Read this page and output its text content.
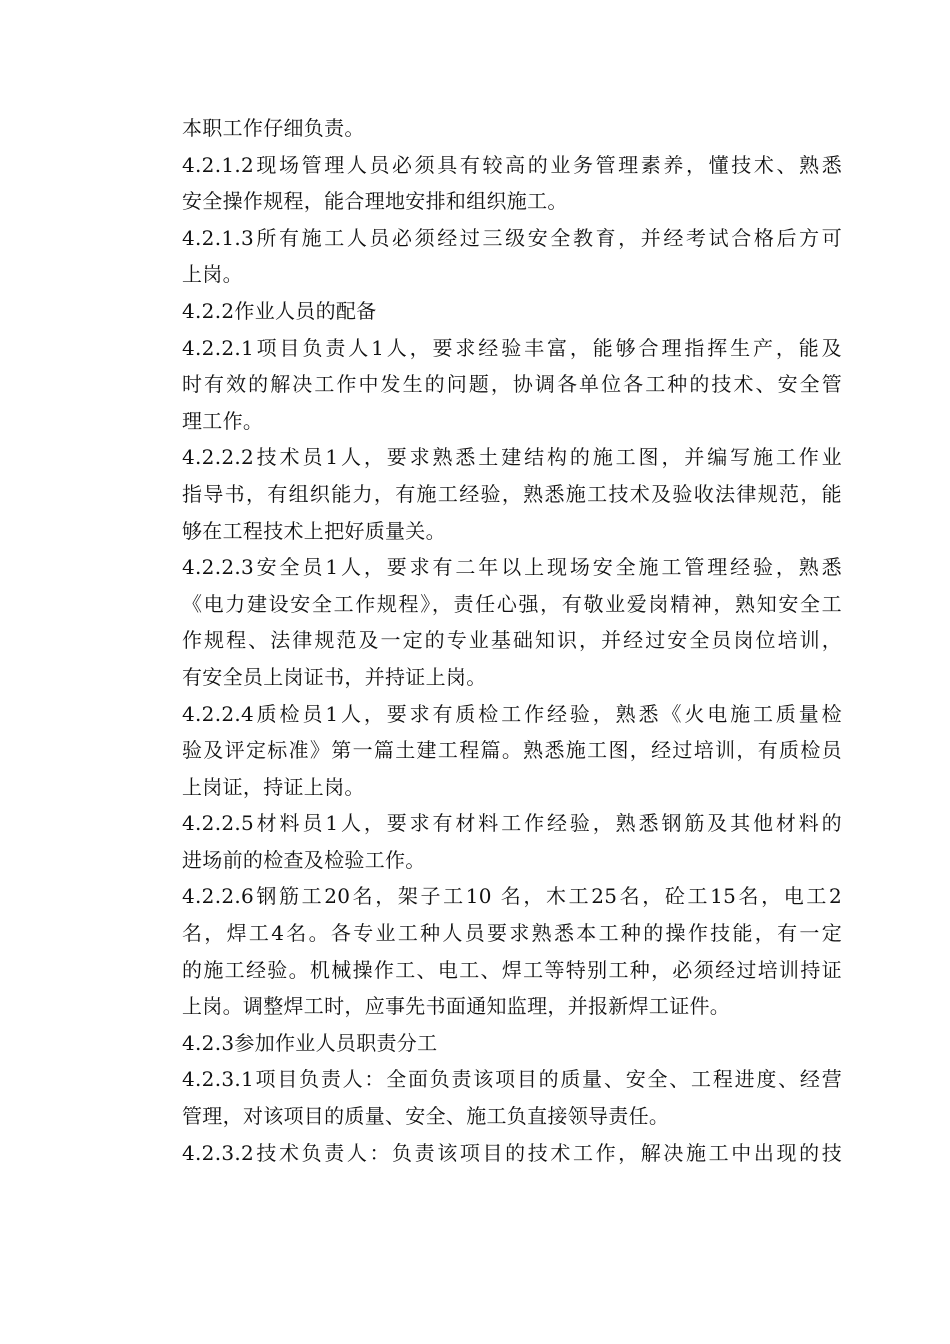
本职工作仔细负责。
4.2.1.2现场管理人员必须具有较高的业务管理素养，懂技术、熟悉
安全操作规程，能合理地安排和组织施工。
4.2.1.3所有施工人员必须经过三级安全教育，并经考试合格后方可
上岗。
4.2.2作业人员的配备
4.2.2.1项目负责人1人，要求经验丰富，能够合理指挥生产，能及
时有效的解决工作中发生的问题，协调各单位各工种的技术、安全管
理工作。
4.2.2.2技术员1人，要求熟悉土建结构的施工图，并编写施工作业
指导书，有组织能力，有施工经验，熟悉施工技术及验收法律规范，能
够在工程技术上把好质量关。
4.2.2.3安全员1人，要求有二年以上现场安全施工管理经验，熟悉
《电力建设安全工作规程》，责任心强，有敬业爱岗精神，熟知安全工
作规程、法律规范及一定的专业基础知识，并经过安全员岗位培训，
有安全员上岗证书，并持证上岗。
4.2.2.4质检员1人，要求有质检工作经验，熟悉《火电施工质量检
验及评定标准》第一篇土建工程篇。熟悉施工图，经过培训，有质检员
上岗证，持证上岗。
4.2.2.5材料员1人，要求有材料工作经验，熟悉钢筋及其他材料的
进场前的检查及检验工作。
4.2.2.6钢筋工20名，架子工10 名，木工25名，砼工15名，电工2
名，焊工4名。各专业工种人员要求熟悉本工种的操作技能，有一定
的施工经验。机械操作工、电工、焊工等特别工种，必须经过培训持证
上岗。调整焊工时，应事先书面通知监理，并报新焊工证件。
4.2.3参加作业人员职责分工
4.2.3.1项目负责人：全面负责该项目的质量、安全、工程进度、经营
管理，对该项目的质量、安全、施工负直接领导责任。
4.2.3.2技术负责人：负责该项目的技术工作，解决施工中出现的技
